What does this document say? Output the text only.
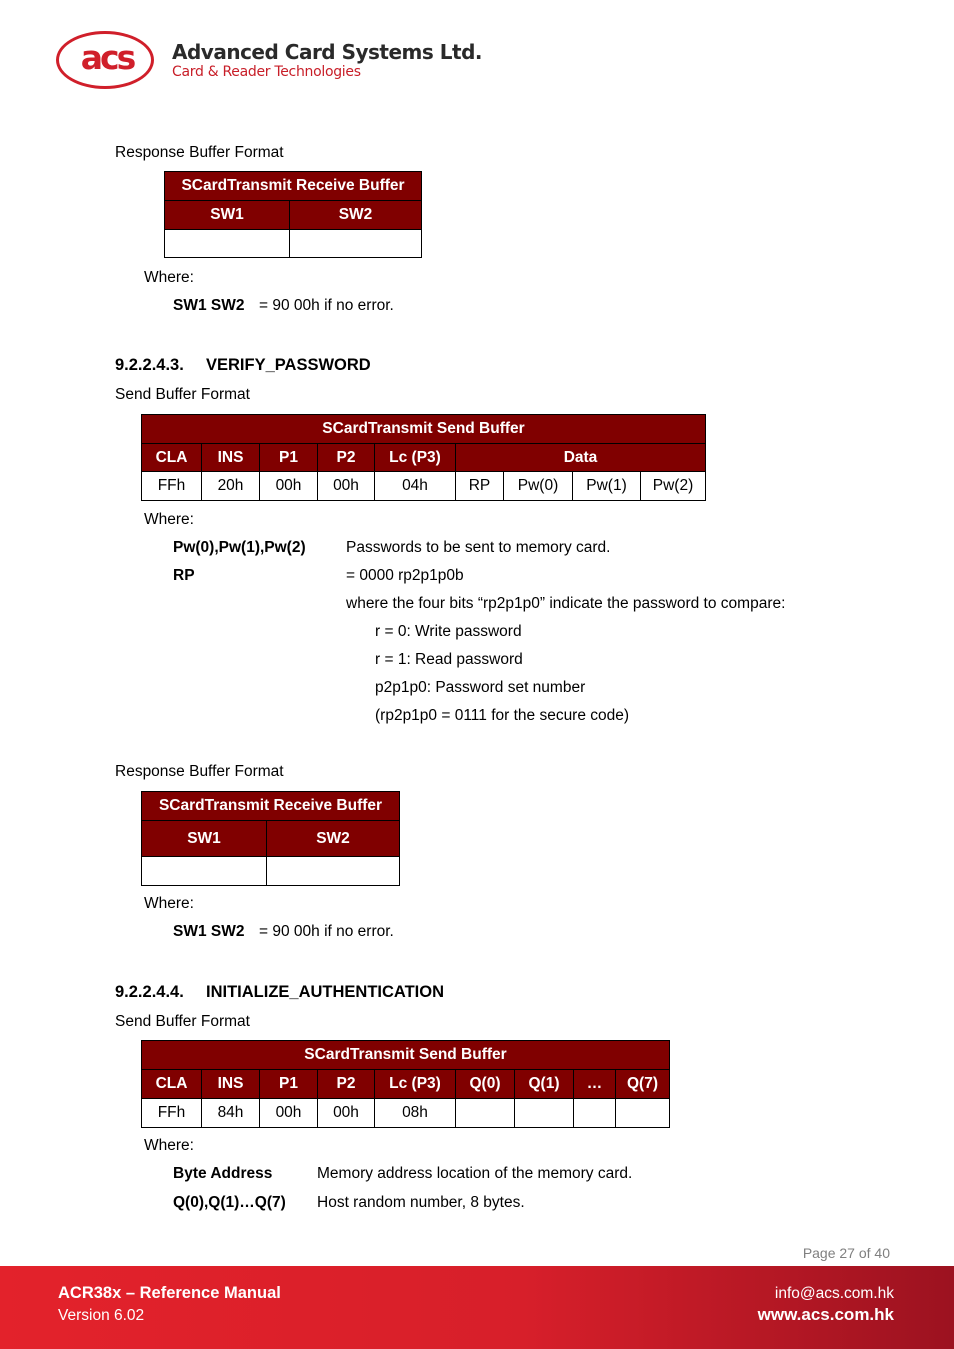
acs	Advanced Card Systems Ltd.
Card & Reader Technologies
Response Buffer Format
SCardTransmit Receive Buffer	
SW1	SW2

Where:
SW1 SW2 = 90 00h if no error.
9.2.2.4.3. VERIFY_PASSWORD
Send Buffer Format
SCardTransmit Send Buffer								
CLA	INS	P1	P2	Lc (P3)	Data			
FFh	20h	00h	00h	04h	RP	Pw(0)	Pw(1)	Pw(2)
Where:
Pw(0),Pw(1),Pw(2)	Passwords to be sent to memory card.
RP	= 0000 rp2p1p0b
where the four bits “rp2p1p0” indicate the password to compare:
r = 0: Write password
r = 1: Read password
p2p1p0: Password set number
(rp2p1p0 = 0111 for the secure code)
Response Buffer Format
SCardTransmit Receive Buffer	
SW1	SW2

Where:
SW1 SW2 = 90 00h if no error.
9.2.2.4.4. INITIALIZE_AUTHENTICATION
Send Buffer Format
SCardTransmit Send Buffer								
CLA	INS	P1	P2	Lc (P3)	Q(0)	Q(1)	…	Q(7)
FFh	84h	00h	00h	08h				
Where:
Byte Address	Memory address location of the memory card.
Q(0),Q(1)…Q(7) Host random number, 8 bytes.
Page 27 of 40
ACR38x – Reference Manual
Version 6.02
info@acs.com.hk
www.acs.com.hk
